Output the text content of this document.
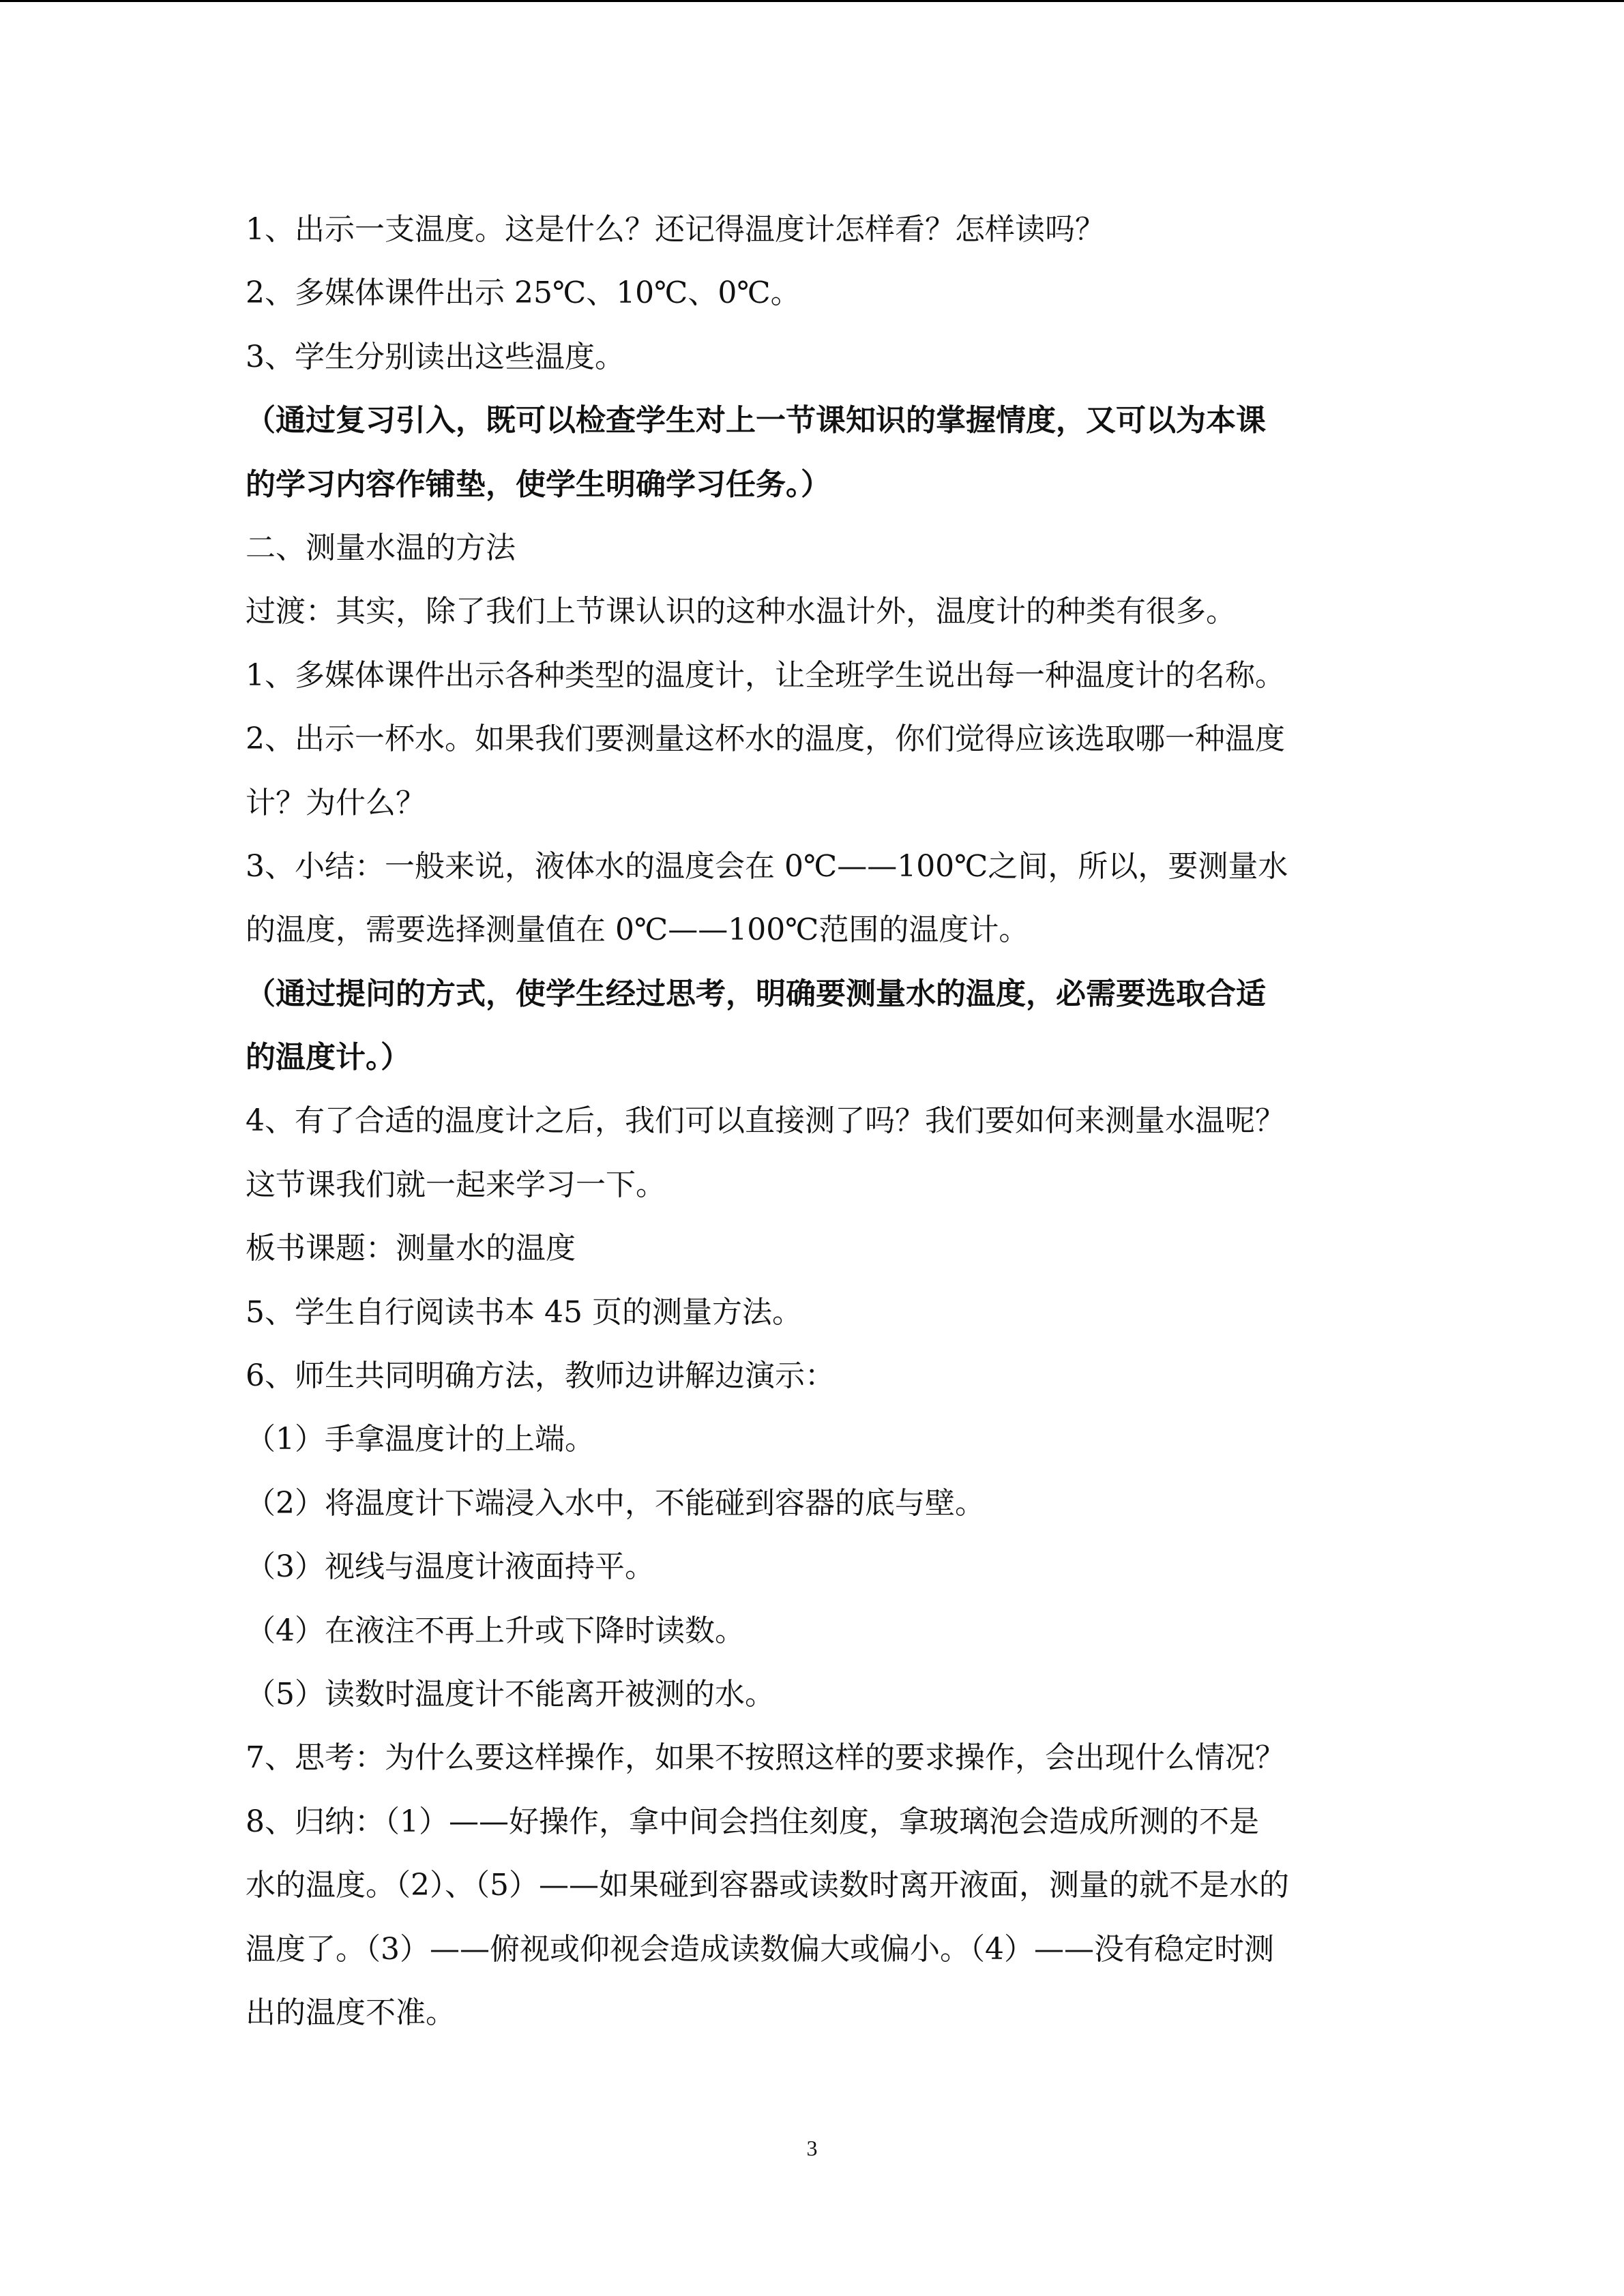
1、出示一支温度。这是什么？还记得温度计怎样看？怎样读吗？

2、多媒体课件出示 25℃、10℃、0℃。

3、学生分别读出这些温度。

（通过复习引入，既可以检查学生对上一节课知识的掌握情度，又可以为本课

的学习内容作铺垫，使学生明确学习任务。）

二、测量水温的方法

过渡：其实，除了我们上节课认识的这种水温计外，温度计的种类有很多。

1、多媒体课件出示各种类型的温度计，让全班学生说出每一种温度计的名称。

2、出示一杯水。如果我们要测量这杯水的温度，你们觉得应该选取哪一种温度

计？为什么？

3、小结：一般来说，液体水的温度会在 0℃——100℃之间，所以，要测量水

的温度，需要选择测量值在 0℃——100℃范围的温度计。

（通过提问的方式，使学生经过思考，明确要测量水的温度，必需要选取合适

的温度计。）

4、有了合适的温度计之后，我们可以直接测了吗？我们要如何来测量水温呢？

这节课我们就一起来学习一下。

板书课题：测量水的温度

5、学生自行阅读书本 45 页的测量方法。

6、师生共同明确方法，教师边讲解边演示：

（1）手拿温度计的上端。

（2）将温度计下端浸入水中，不能碰到容器的底与壁。

（3）视线与温度计液面持平。

（4）在液注不再上升或下降时读数。

（5）读数时温度计不能离开被测的水。

7、思考：为什么要这样操作，如果不按照这样的要求操作，会出现什么情况？

8、归纳：（1）——好操作，拿中间会挡住刻度，拿玻璃泡会造成所测的不是

水的温度。（2）、（5）——如果碰到容器或读数时离开液面，测量的就不是水的

温度了。（3）——俯视或仰视会造成读数偏大或偏小。（4）——没有稳定时测

出的温度不准。

3
